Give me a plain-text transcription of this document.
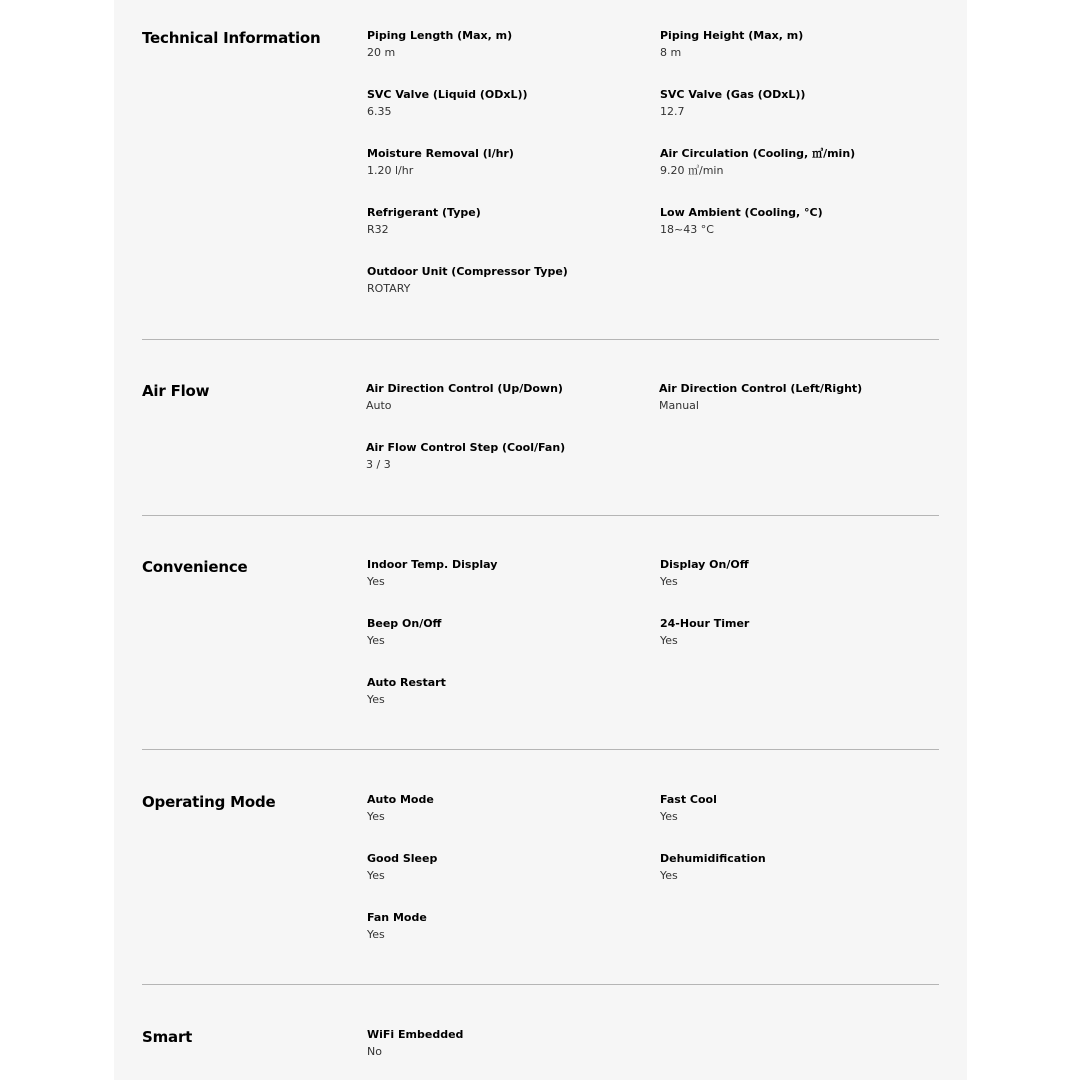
Technical Information	Piping Length (Max, m)
20 m
Piping Height (Max, m)
8 m
SVC Valve (Liquid (ODxL))
6.35
SVC Valve (Gas (ODxL))
12.7
Moisture Removal (l/hr)
1.20 l/hr
Air Circulation (Cooling, ㎥/min)
9.20 ㎥/min
Refrigerant (Type)
R32
Low Ambient (Cooling, °C)
18~43 °C
Outdoor Unit (Compressor Type)
ROTARY
Air Flow	Air Direction Control (Up/Down)
Auto
Air Direction Control (Left/Right)
Manual
Air Flow Control Step (Cool/Fan)
3 / 3
Convenience	Indoor Temp. Display
Yes
Display On/Off
Yes
Beep On/Off
Yes
24-Hour Timer
Yes
Auto Restart
Yes
Operating Mode	Auto Mode
Yes
Fast Cool
Yes
Good Sleep
Yes
Dehumidification
Yes
Fan Mode
Yes
Smart	WiFi Embedded
No
